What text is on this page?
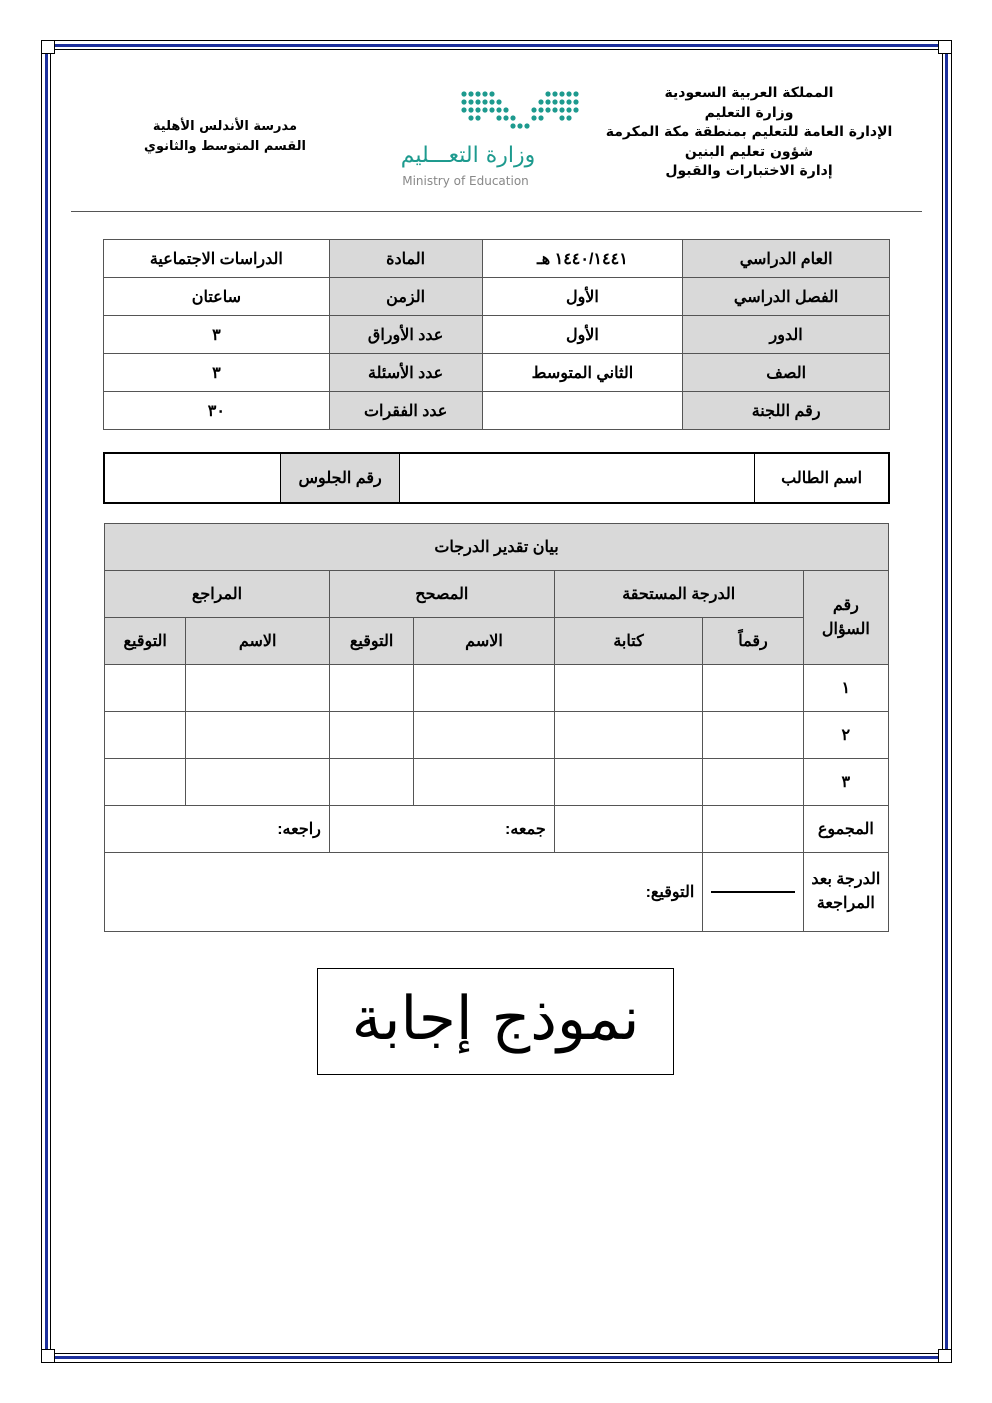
المملكة العربية السعودية
وزارة التعليم
الإدارة العامة للتعليم بمنطقة مكة المكرمة
شؤون تعليم البنين
إدارة الاختبارات والقبول
مدرسة الأندلس الأهلية
القسم المتوسط والثانوي	وزارة التعـــليم
Ministry of Education
العام الدراسي	١٤٤٠/١٤٤١ هـ	المادة	الدراسات الاجتماعية
الفصل الدراسي	الأول	الزمن	ساعتان
الدور	الأول	عدد الأوراق	٣
الصف	الثاني المتوسط	عدد الأسئلة	٣
رقم اللجنة		عدد الفقرات	٣٠
اسم الطالب		رقم الجلوس	
بيان تقدير الدرجات						
رقم السؤال	الدرجة المستحقة		المصحح		المراجع	
	رقماً	كتابة	الاسم	التوقيع	الاسم	التوقيع
١						
٢						
٣						
المجموع			جمعه:		راجعه:	
الدرجة بعد المراجعة		التوقيع:				
نموذج إجابة
